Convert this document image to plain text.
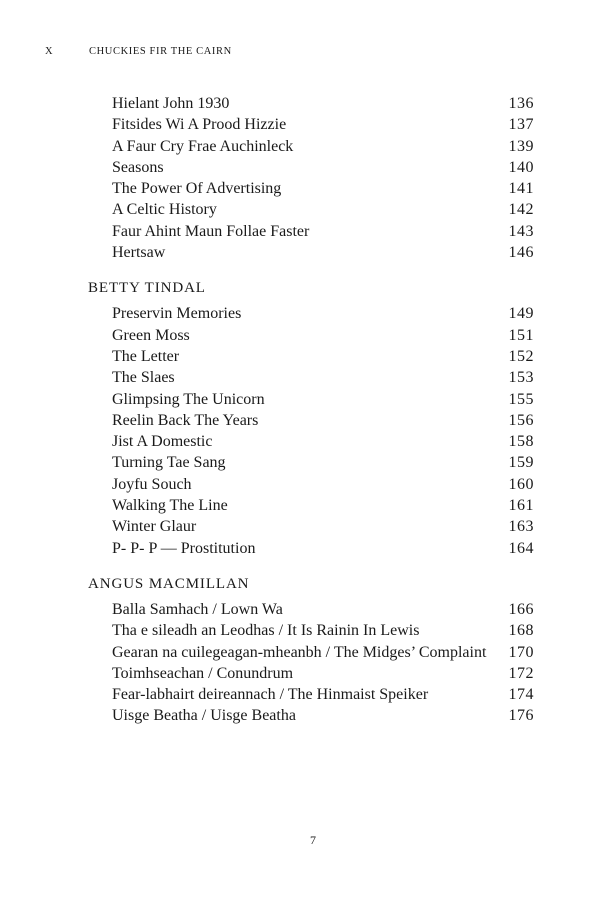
X	CHUCKIES FIR THE CAIRN
Hielant John 1930	136
Fitsides Wi A Prood Hizzie	137
A Faur Cry Frae Auchinleck	139
Seasons	140
The Power Of Advertising	141
A Celtic History	142
Faur Ahint Maun Follae Faster	143
Hertsaw	146
BETTY TINDAL
Preservin Memories	149
Green Moss	151
The Letter	152
The Slaes	153
Glimpsing The Unicorn	155
Reelin Back The Years	156
Jist A Domestic	158
Turning Tae Sang	159
Joyfu Souch	160
Walking The Line	161
Winter Glaur	163
P- P- P — Prostitution	164
ANGUS MACMILLAN
Balla Samhach / Lown Wa	166
Tha e sileadh an Leodhas / It Is Rainin In Lewis	168
Gearan na cuilegeagan-mheanbh / The Midges’ Complaint	170
Toimhseachan / Conundrum	172
Fear-labhairt deireannach / The Hinmaist Speiker	174
Uisge Beatha / Uisge Beatha	176
7
